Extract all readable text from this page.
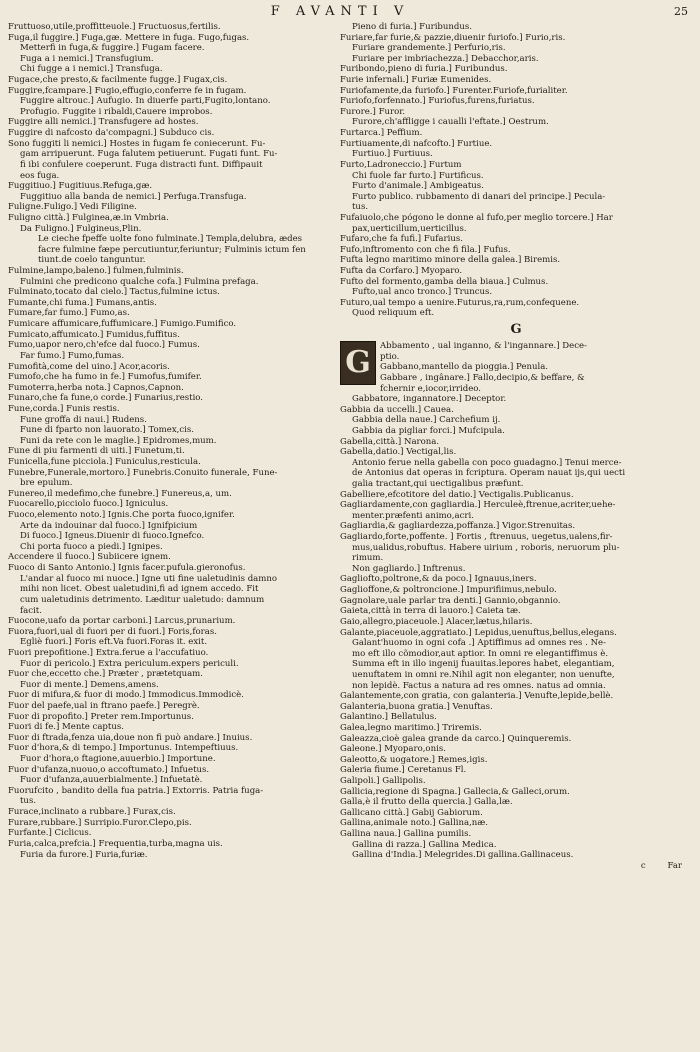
F AVANTI V	25
Fruttuoso,utile,proffitteuole.] Fructuosus,fertilis.
Fuga,il fuggire.] Fuga,gæ. Mettere in fuga. Fugo,fugas.
Metterfi in fuga,& fuggire.] Fugam facere.
Fuga a i nemici.] Transfugium.
Chi fugge a i nemici.] Transfuga.
Fugace,che presto,& facilmente fugge.] Fugax,cis.
Fuggire,fcampare.] Fugio,effugio,conferre fe in fugam.
Fuggire altrouc.] Aufugio. In diuerfe parti,Fugito,lontano.
Profugio. Fuggite i ribaldi,Cauere improbos.
Fuggire alli nemici.] Transfugere ad hostes.
Fuggire di nafcosto da'compagni.] Subduco cis.
Sono fuggiti li nemici.] Hostes in fugam fe coniecerunt. Fu-
gam arripuerunt. Fuga falutem petiuerunt. Fugati funt. Fu-
fi ibi confulere coeperunt. Fuga distracti funt. Diffipauit
eos fuga.
Fuggitiuo.] Fugitiuus.Refuga,gæ.
Fuggitiuo alla banda de nemici.] Perfuga.Transfuga.
Fuligne.Fuligo.] Vedi Filigine.
Fuligno città.] Fulginea,æ.in Vmbria.
Da Fuligno.] Fulgineus,Plin.
Le cieche fpeffe uolte fono fulminate.] Templa,delubra, ædes
facre fulmine fæpe percutiuntur,feriuntur; Fulminis ictum fen
tiunt.de coelo tanguntur.
Fulmine,lampo,baleno.] fulmen,fulminis.
Fulmini che predicono qualche cofa.] Fulmina prefaga.
Fulminato,tocato dal cielo.] Tactus,fulmine ictus.
Fumante,chi fuma.] Fumans,antis.
Fumare,far fumo.] Fumo,as.
Fumicare affumicare,fuffumicare.] Fumigo.Fumifico.
Fumicato,affumicato.] Fumidus,fuffitus.
Fumo,uapor nero,ch'efce dal fuoco.] Fumus.
Far fumo.] Fumo,fumas.
Fumofità,come del uino.] Acor,acoris.
Fumofo,che ha fumo in fe.] Fumofus,fumifer.
Fumoterra,herba nota.] Capnos,Capnon.
Funaro,che fa fune,o corde.] Funarius,restio.
Fune,corda.] Funis restis.
Fune groffa di naui.] Rudens.
Fune di fparto non lauorato.] Tomex,cis.
Funi da rete con le maglie.] Epidromes,mum.
Fune di piu farmenti di uiti.] Funetum,ti.
Funicella,fune picciola.] Funiculus,resticula.
Funebre,Funerale,mortoro.] Funebris.Conuito funerale, Fune-
bre epulum.
Funereo,il medefimo,che funebre.] Funereus,a, um.
Fuocarello,picciolo fuoco.] Igniculus.
Fuoco,elemento noto.] Ignis.Che porta fuoco,ignifer.
Arte da indouinar dal fuoco.] Ignifpicium
Di fuoco.] Igneus.Diuenir di fuoco.Ignefco.
Chi porta fuoco a piedi.] Ignipes.
Accendere il fuoco.] Subiicere ignem.
Fuoco di Santo Antonio.] Ignis facer.pufula.gieronofus.
L'andar al fuoco mi nuoce.] Igne uti fine ualetudinis damno
mihi non licet. Obest ualetudini,fi ad ignem accedo. Fit
cum ualetudinis detrimento. Læditur ualetudo: damnum
facit.
Fuocone,uafo da portar carboni.] Larcus,prunarium.
Fuora,fuori,ual di fuori per di fuori.] Foris,foras.
Egliè fuori.] Foris eft.Va fuori.Foras it. exit.
Fuori prepofitione.] Extra.ferue a l'accufatiuo.
Fuor di pericolo.] Extra periculum.expers periculi.
Fuor che,eccetto che.] Præter , prætetquam.
Fuor di mente.] Demens,amens.
Fuor di mifura,& fuor di modo.] Immodicus.Immodicè.
Fuor del paefe,ual in ftrano paefe.] Peregrè.
Fuor di propofito.] Preter rem.Importunus.
Fuori di fe.] Mente captus.
Fuor di ftrada,fenza uia,doue non fi può andare.] Inuius.
Fuor d'hora,& di tempo.] Importunus. Intempeftiuus.
Fuor d'hora,o ftagione,auuerbio.] Importune.
Fuor d'ufanza,nuouo,o accoftumato.] Infuetus.
Fuor d'ufanza,auuerbialmente.] Infuetatè.
Fuorufcito , bandito della fua patria.] Extorris. Patria fuga-
tus.
Furace,inclinato a rubbare.] Furax,cis.
Furare,rubbare.] Surripio.Furor.Clepo,pis.
Furfante.] Ciclicus.
Furia,calca,prefcia.] Frequentia,turba,magna uis.
Furia da furore.] Furia,furiæ.
Pieno di furia.] Furibundus.
Furiare,far furie,& pazzie,diuenir furiofo.] Furio,ris.
Furiare grandemente.] Perfurio,ris.
Furiare per imbriachezza.] Debacchor,aris.
Furibondo,pieno di furia.] Furibundus.
Furie infernali.] Furiæ Eumenides.
Furiofamente,da furiofo.] Furenter.Furiofe,furialiter.
Furiofo,forfennato.] Furiofus,furens,furiatus.
Furore.] Furor.
Furore,ch'affligge i caualli l'eftate.] Oestrum.
Furtarca.] Peffium.
Furtiuamente,di nafcofto.] Furtiue.
Furtiuo.] Furtiuus.
Furto,Ladroneccio.] Furtum
Chi fuole far furto.] Furtificus.
Furto d'animale.] Ambigeatus.
Furto publico. rubbamento di danari del principe.] Pecula-
tus.
Fufaiuolo,che pógono le donne al fufo,per meglio torcere.] Har
pax,uerticillum,uerticillus.
Fufaro,che fa fufi.] Fufarius.
Fufo,inftromento con che fi fila.] Fufus.
Fufta legno maritimo minore della galea.] Biremis.
Fufta da Corfaro.] Myoparo.
Fufto del formento,gamba della biaua.] Culmus.
Fufto,ual anco tronco.] Truncus.
Futuro,ual tempo a uenire.Futurus,ra,rum,confequene.
Quod reliquum eft.
G
G	Abbamento , ual inganno, & l'ingannare.] Dece-
ptio.
Gabbano,mantello da pioggia.] Penula.
Gabbare , ingânare.] Fallo,decipio,& beffare, &
fchernir e,iocor,irrideo.
Gabbatore, ingannatore.] Deceptor.
Gabbia da uccelli.] Cauea.
Gabbia della naue.] Carchefium ij.
Gabbia da pigliar forci.] Mufcipula.
Gabella,città.] Narona.
Gabella,datio.] Vectigal,lis.
Antonio ferue nella gabella con poco guadagno.] Tenui merce-
de Antonius dat operas in fcriptura. Operam nauat ijs,qui uecti
galia tractant,qui uectigalibus præfunt.
Gabelliere,efcotitore del datio.] Vectigalis.Publicanus.
Gagliardamente,con gagliardia.] Herculeè,ftrenue,acriter,uehe-
menter.præfenti animo,acri.
Gagliardia,& gagliardezza,poffanza.] Vigor.Strenuitas.
Gagliardo,forte,poffente. ] Fortis , ftrenuus, uegetus,ualens,fir-
mus,ualidus,robuftus. Habere uirium , roboris, neruorum plu-
rimum.
Non gagliardo.] Inftrenus.
Gagliofto,poltrone,& da poco.] Ignauus,iners.
Gaglioffone,& poltroncione.] Impurifiimus,nebulo.
Gagnolare,uale parlar tra denti.] Gannio,obgannio.
Gaieta,città in terra di lauoro.] Caieta tæ.
Gaio,allegro,piaceuole.] Alacer,lætus,hilaris.
Galante,piaceuole,aggratiato.] Lepidus,uenuftus,bellus,elegans.
Galant'huomo in ogni cofa .] Aptiffimus ad omnes res . Ne-
mo eft illo cõmodior,aut aptior. In omni re elegantiffimus è.
Summa eft in illo ingenij fuauitas.lepores habet, elegantiam,
uenuftatem in omni re.Nihil agit non eleganter, non uenufte,
non lepidè. Factus a natura ad res omnes. natus ad omnia.
Galantemente,con gratia, con galanteria.] Venufte,lepide,bellè.
Galanteria,buona gratia.] Venuftas.
Galantino.] Bellatulus.
Galea,legno maritimo.] Triremis.
Galeazza,cioè galea grande da carco.] Quinqueremis.
Galeone.] Myoparo,onis.
Galeotto,& uogatore.] Remes,igis.
Galeria fiume.] Ceretanus Fl.
Galipoli.] Gallipolis.
Gallicia,regione di Spagna.] Gallecia,& Galleci,orum.
Galla,è il frutto della quercia.] Galla,læ.
Gallicano città.] Gabij Gabiorum.
Gallina,animale noto.] Gallina,næ.
Gallina naua.] Gallina pumilis.
Gallina di razza.] Gallina Medica.
Gallina d'India.] Melegrides.Di gallina.Gallinaceus.
c	Far
